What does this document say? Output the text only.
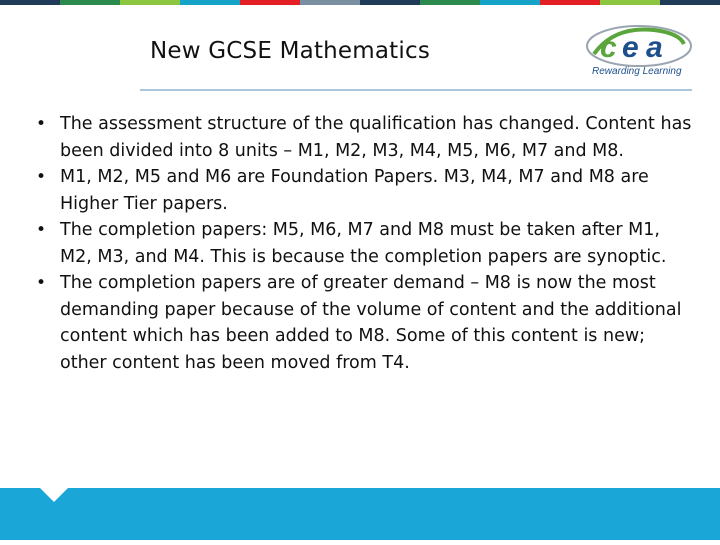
New GCSE Mathematics	c e a
Rewarding Learning
• The assessment structure of the qualification has changed. Content has been divided into 8 units – M1, M2, M3, M4, M5, M6, M7 and M8.
• M1, M2, M5 and M6 are Foundation Papers. M3, M4, M7 and M8 are Higher Tier papers.
• The completion papers: M5, M6, M7 and M8 must be taken after M1, M2, M3, and M4. This is because the completion papers are synoptic.
• The completion papers are of greater demand – M8 is now the most demanding paper because of the volume of content and the additional content which has been added to M8. Some of this content is new; other content has been moved from T4.
